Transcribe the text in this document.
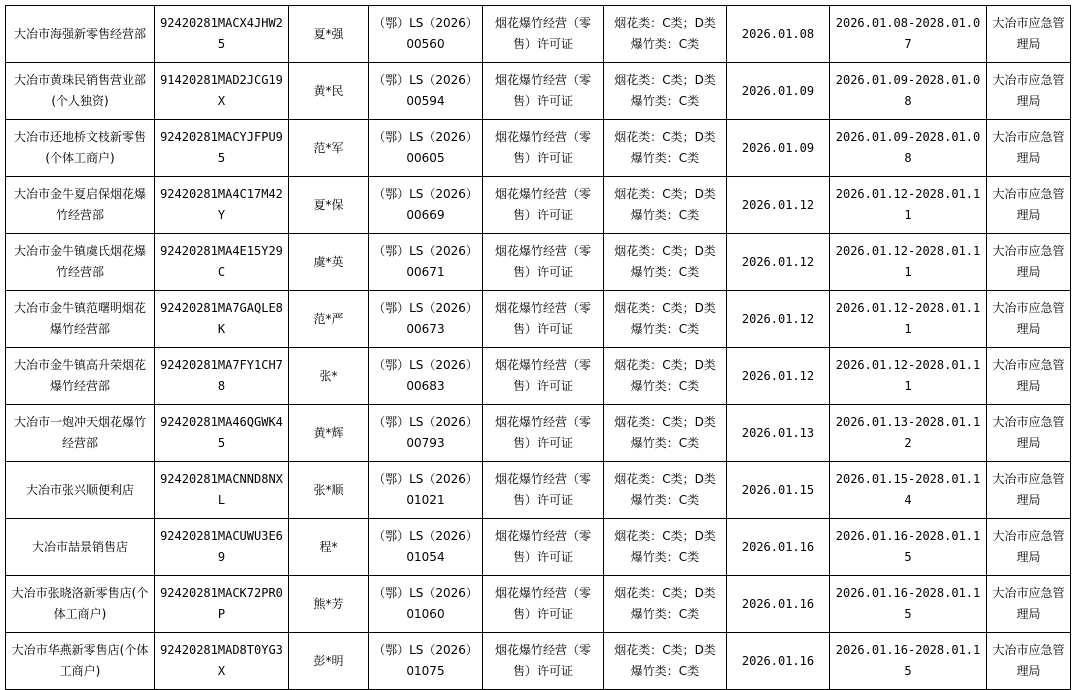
大冶市海强新零售经营部	92420281MACX4JHW25	夏*强	（鄂）LS（2026）00560	烟花爆竹经营（零售）许可证	烟花类：C类；D类 爆竹类：C类	2026.01.08	2026.01.08-2028.01.07	大冶市应急管理局
大冶市黄珠民销售营业部(个人独资)	91420281MAD2JCG19X	黄*民	（鄂）LS（2026）00594	烟花爆竹经营（零售）许可证	烟花类：C类；D类 爆竹类：C类	2026.01.09	2026.01.09-2028.01.08	大冶市应急管理局
大冶市还地桥文枝新零售(个体工商户)	92420281MACYJFPU95	范*军	（鄂）LS（2026）00605	烟花爆竹经营（零售）许可证	烟花类：C类；D类 爆竹类：C类	2026.01.09	2026.01.09-2028.01.08	大冶市应急管理局
大冶市金牛夏启保烟花爆竹经营部	92420281MA4C17M42Y	夏*保	（鄂）LS（2026）00669	烟花爆竹经营（零售）许可证	烟花类：C类；D类 爆竹类：C类	2026.01.12	2026.01.12-2028.01.11	大冶市应急管理局
大冶市金牛镇虞氏烟花爆竹经营部	92420281MA4E15Y29C	虞*英	（鄂）LS（2026）00671	烟花爆竹经营（零售）许可证	烟花类：C类；D类 爆竹类：C类	2026.01.12	2026.01.12-2028.01.11	大冶市应急管理局
大冶市金牛镇范曙明烟花爆竹经营部	92420281MA7GAQLE8K	范*严	（鄂）LS（2026）00673	烟花爆竹经营（零售）许可证	烟花类：C类；D类 爆竹类：C类	2026.01.12	2026.01.12-2028.01.11	大冶市应急管理局
大冶市金牛镇高升荣烟花爆竹经营部	92420281MA7FY1CH78	张*	（鄂）LS（2026）00683	烟花爆竹经营（零售）许可证	烟花类：C类；D类 爆竹类：C类	2026.01.12	2026.01.12-2028.01.11	大冶市应急管理局
大冶市一炮冲天烟花爆竹经营部	92420281MA46QGWK45	黄*辉	（鄂）LS（2026）00793	烟花爆竹经营（零售）许可证	烟花类：C类；D类 爆竹类：C类	2026.01.13	2026.01.13-2028.01.12	大冶市应急管理局
大冶市张兴顺便利店	92420281MACNND8NXL	张*顺	（鄂）LS（2026）01021	烟花爆竹经营（零售）许可证	烟花类：C类；D类 爆竹类：C类	2026.01.15	2026.01.15-2028.01.14	大冶市应急管理局
大冶市喆景销售店	92420281MACUWU3E69	程*	（鄂）LS（2026）01054	烟花爆竹经营（零售）许可证	烟花类：C类；D类 爆竹类：C类	2026.01.16	2026.01.16-2028.01.15	大冶市应急管理局
大冶市张晓洛新零售店(个体工商户)	92420281MACK72PR0P	熊*芳	（鄂）LS（2026）01060	烟花爆竹经营（零售）许可证	烟花类：C类；D类 爆竹类：C类	2026.01.16	2026.01.16-2028.01.15	大冶市应急管理局
大冶市华燕新零售店(个体工商户)	92420281MAD8T0YG3X	彭*明	（鄂）LS（2026）01075	烟花爆竹经营（零售）许可证	烟花类：C类；D类 爆竹类：C类	2026.01.16	2026.01.16-2028.01.15	大冶市应急管理局
